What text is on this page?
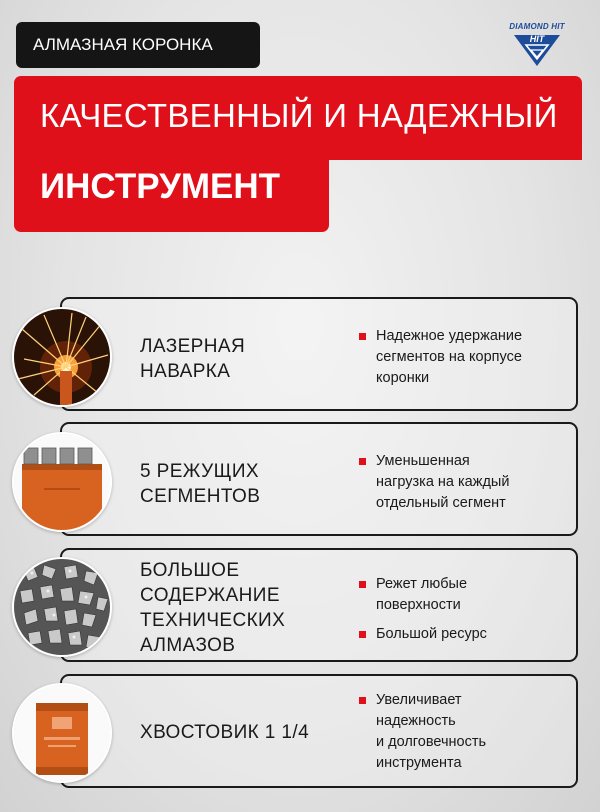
АЛМАЗНАЯ КОРОНКА
DIAMOND HIT
HIT
КАЧЕСТВЕННЫЙ И НАДЕЖНЫЙ
ИНСТРУМЕНТ
ЛАЗЕРНАЯ
НАВАРКА
Надежное удержание
сегментов на корпусе
коронки
5 РЕЖУЩИХ
СЕГМЕНТОВ
Уменьшенная
нагрузка на каждый
отдельный сегмент
БОЛЬШОЕ
СОДЕРЖАНИЕ
ТЕХНИЧЕСКИХ
АЛМАЗОВ
Режет любые
поверхности
Большой ресурс
ХВОСТОВИК 1 1/4
Увеличивает
надежность
и долговечность
инструмента
